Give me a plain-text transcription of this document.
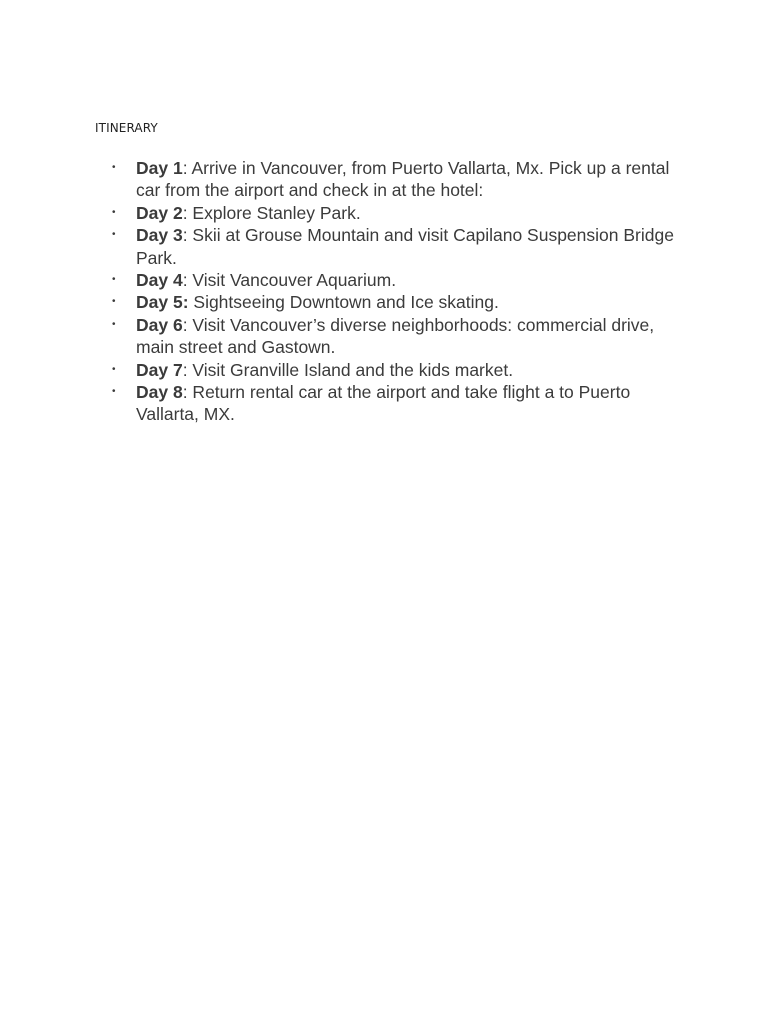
ITINERARY

•	Day 1: Arrive in Vancouver, from Puerto Vallarta, Mx. Pick up a rental car from the airport and check in at the hotel:
•	Day 2: Explore Stanley Park.
•	Day 3: Skii at Grouse Mountain and visit Capilano Suspension Bridge Park.
•	Day 4: Visit Vancouver Aquarium.
•	Day 5: Sightseeing Downtown and Ice skating.
•	Day 6: Visit Vancouver’s diverse neighborhoods: commercial drive, main street and Gastown.
•	Day 7: Visit Granville Island and the kids market.
•	Day 8: Return rental car at the airport and take flight a to Puerto Vallarta, MX.
